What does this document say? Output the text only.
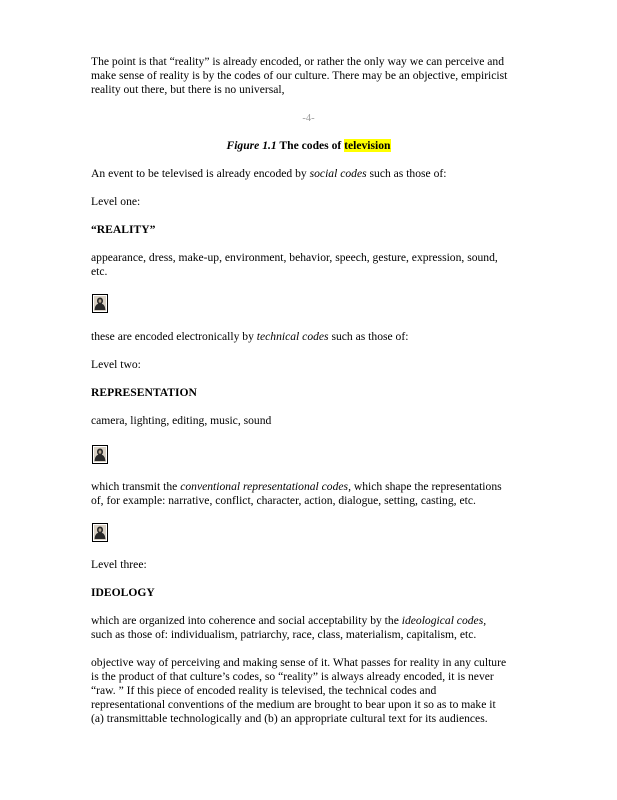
The point is that “reality” is already encoded, or rather the only way we can perceive and

make sense of reality is by the codes of our culture. There may be an objective, empiricist

reality out there, but there is no universal,

-4-

Figure 1.1 The codes of television

An event to be televised is already encoded by social codes such as those of:

Level one:

“REALITY”

appearance, dress, make-up, environment, behavior, speech, gesture, expression, sound,

etc.

these are encoded electronically by technical codes such as those of:

Level two:

REPRESENTATION

camera, lighting, editing, music, sound

which transmit the conventional representational codes, which shape the representations

of, for example: narrative, conflict, character, action, dialogue, setting, casting, etc.

Level three:

IDEOLOGY

which are organized into coherence and social acceptability by the ideological codes,

such as those of: individualism, patriarchy, race, class, materialism, capitalism, etc.

objective way of perceiving and making sense of it. What passes for reality in any culture

is the product of that culture’s codes, so “reality” is always already encoded, it is never

“raw. ” If this piece of encoded reality is televised, the technical codes and

representational conventions of the medium are brought to bear upon it so as to make it

(a) transmittable technologically and (b) an appropriate cultural text for its audiences.
